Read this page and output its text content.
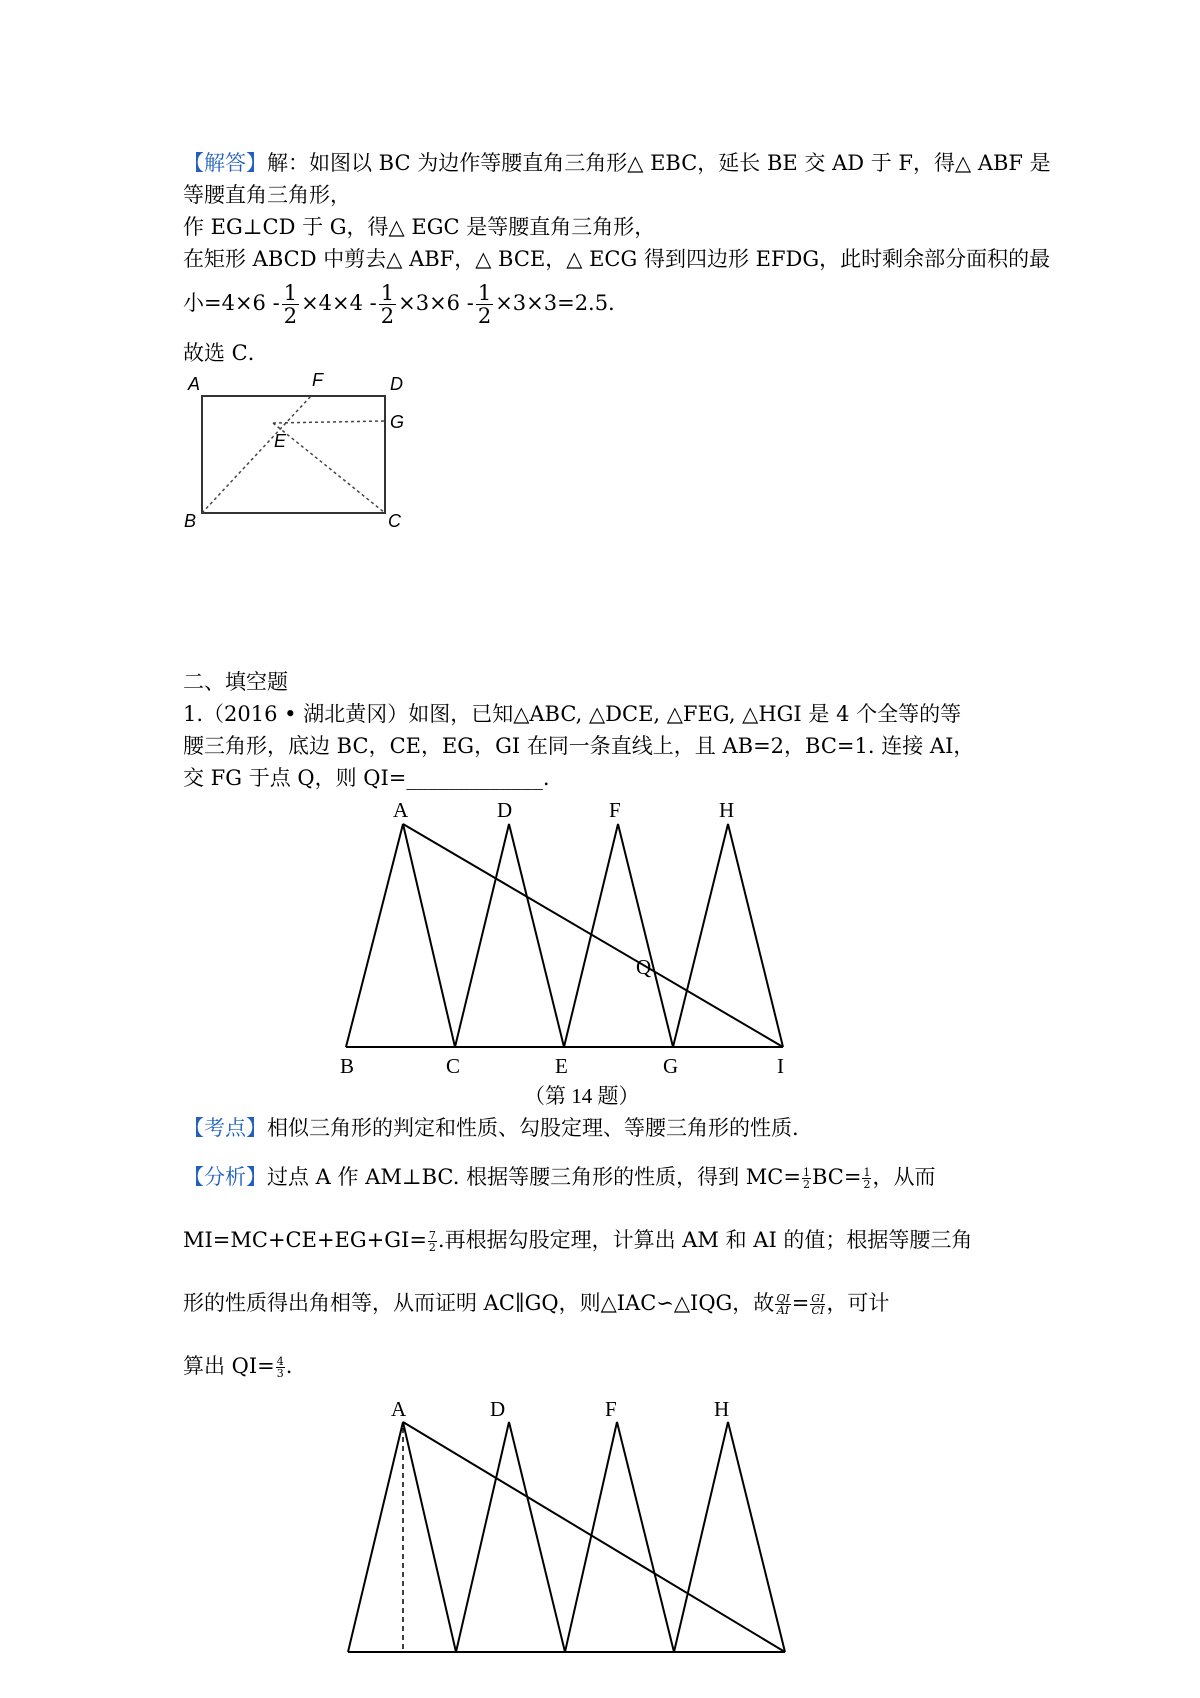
【解答】解：如图以 BC 为边作等腰直角三角形△ EBC，延长 BE 交 AD 于 F，得△ ABF 是
等腰直角三角形，
作 EG⊥CD 于 G，得△ EGC 是等腰直角三角形，
在矩形 ABCD 中剪去△ ABF，△ BCE，△ ECG 得到四边形 EFDG，此时剩余部分面积的最
小$=4\times 6 - \frac{1}{2} \times 4\times 4 - \frac{1}{2} \times 3\times 6 - \frac{1}{2} \times 3\times 3=2.5$．
故选 C．
A	F	D
G
E
B	C
二、填空题
1.（2016 • 湖北黄冈）如图，已知△ABC, △DCE, △FEG, △HGI 是 4 个全等的等
腰三角形，底边 BC，CE，EG，GI 在同一条直线上，且 AB=2，BC=1. 连接 AI，
交 FG 于点 Q，则 QI=_____________.
A	D	F	H
Q
B	C	E	G	I
（第 14 题）
【考点】相似三角形的判定和性质、勾股定理、等腰三角形的性质.
【分析】过点 A 作 AM⊥BC. 根据等腰三角形的性质，得到 $MC= \frac{1}{2} BC= \frac{1}{2}$ ，从而
$MI=MC+CE+EG+GI= \frac{7}{2}$ .再根据勾股定理，计算出 AM 和 AI 的值；根据等腰三角
形的性质得出角相等，从而证明 AC∥GQ，则△IAC∽△IQG，故 $\frac{QI}{AI} = \frac{GI}{CI}$ ，可计
算出 $QI= \frac{4}{3}$ .
A	D	F	H
